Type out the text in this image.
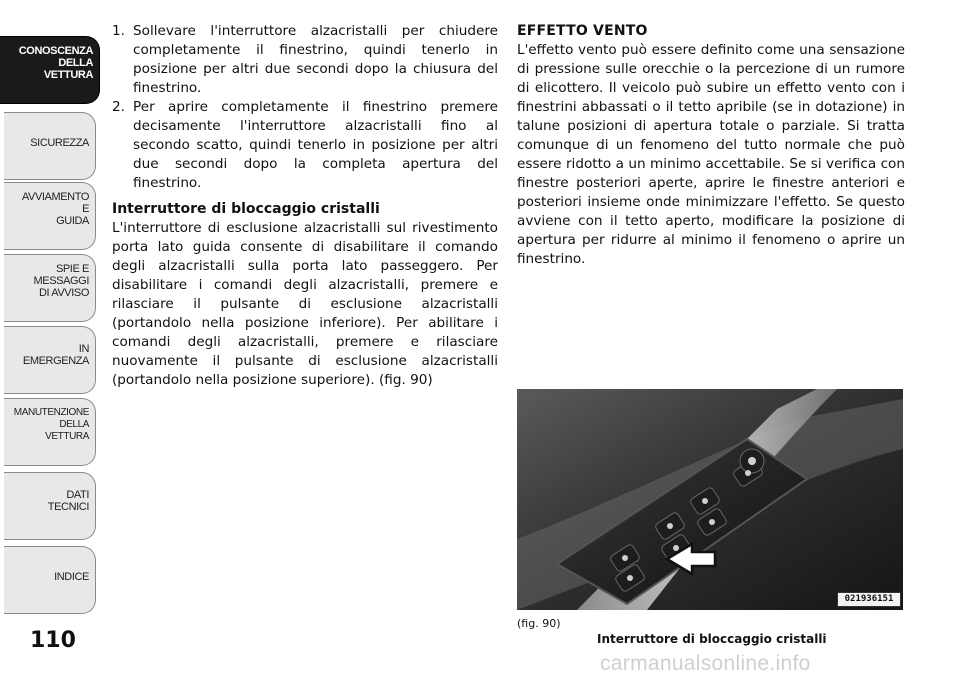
CONOSCENZA
DELLA
VETTURA
SICUREZZA
AVVIAMENTO
E
GUIDA
SPIE E
MESSAGGI
DI AVVISO
IN
EMERGENZA
MANUTENZIONE
DELLA
VETTURA
DATI
TECNICI
INDICE
110
1. Sollevare l'interruttore alzacristalli per chiudere completamente il finestrino, quindi tenerlo in posizione per altri due secondi dopo la chiusura del finestrino.
2. Per aprire completamente il finestrino premere decisamente l'interruttore alzacristalli fino al secondo scatto, quindi tenerlo in posizione per altri due secondi dopo la completa apertura del finestrino.
Interruttore di bloccaggio cristalli

L'interruttore di esclusione alzacristalli sul rivestimento porta lato guida consente di disabilitare il comando degli alzacristalli sulla porta lato passeggero. Per disabilitare i comandi degli alzacristalli, premere e rilasciare il pulsante di esclusione alzacristalli (portandolo nella posizione inferiore). Per abilitare i comandi degli alzacristalli, premere e rilasciare nuovamente il pulsante di esclusione alzacristalli (portandolo nella posizione superiore). (fig. 90)

EFFETTO VENTO

L'effetto vento può essere definito come una sensazione di pressione sulle orecchie o la percezione di un rumore di elicottero. Il veicolo può subire un effetto vento con i finestrini abbassati o il tetto apribile (se in dotazione) in talune posizioni di apertura totale o parziale. Si tratta comunque di un fenomeno del tutto normale che può essere ridotto a un minimo accettabile. Se si verifica con finestre posteriori aperte, aprire le finestre anteriori e posteriori insieme onde minimizzare l'effetto. Se questo avviene con il tetto aperto, modificare la posizione di apertura per ridurre al minimo il fenomeno o aprire un finestrino.

021936151
(fig. 90)
Interruttore di bloccaggio cristalli
carmanualsonline.info
